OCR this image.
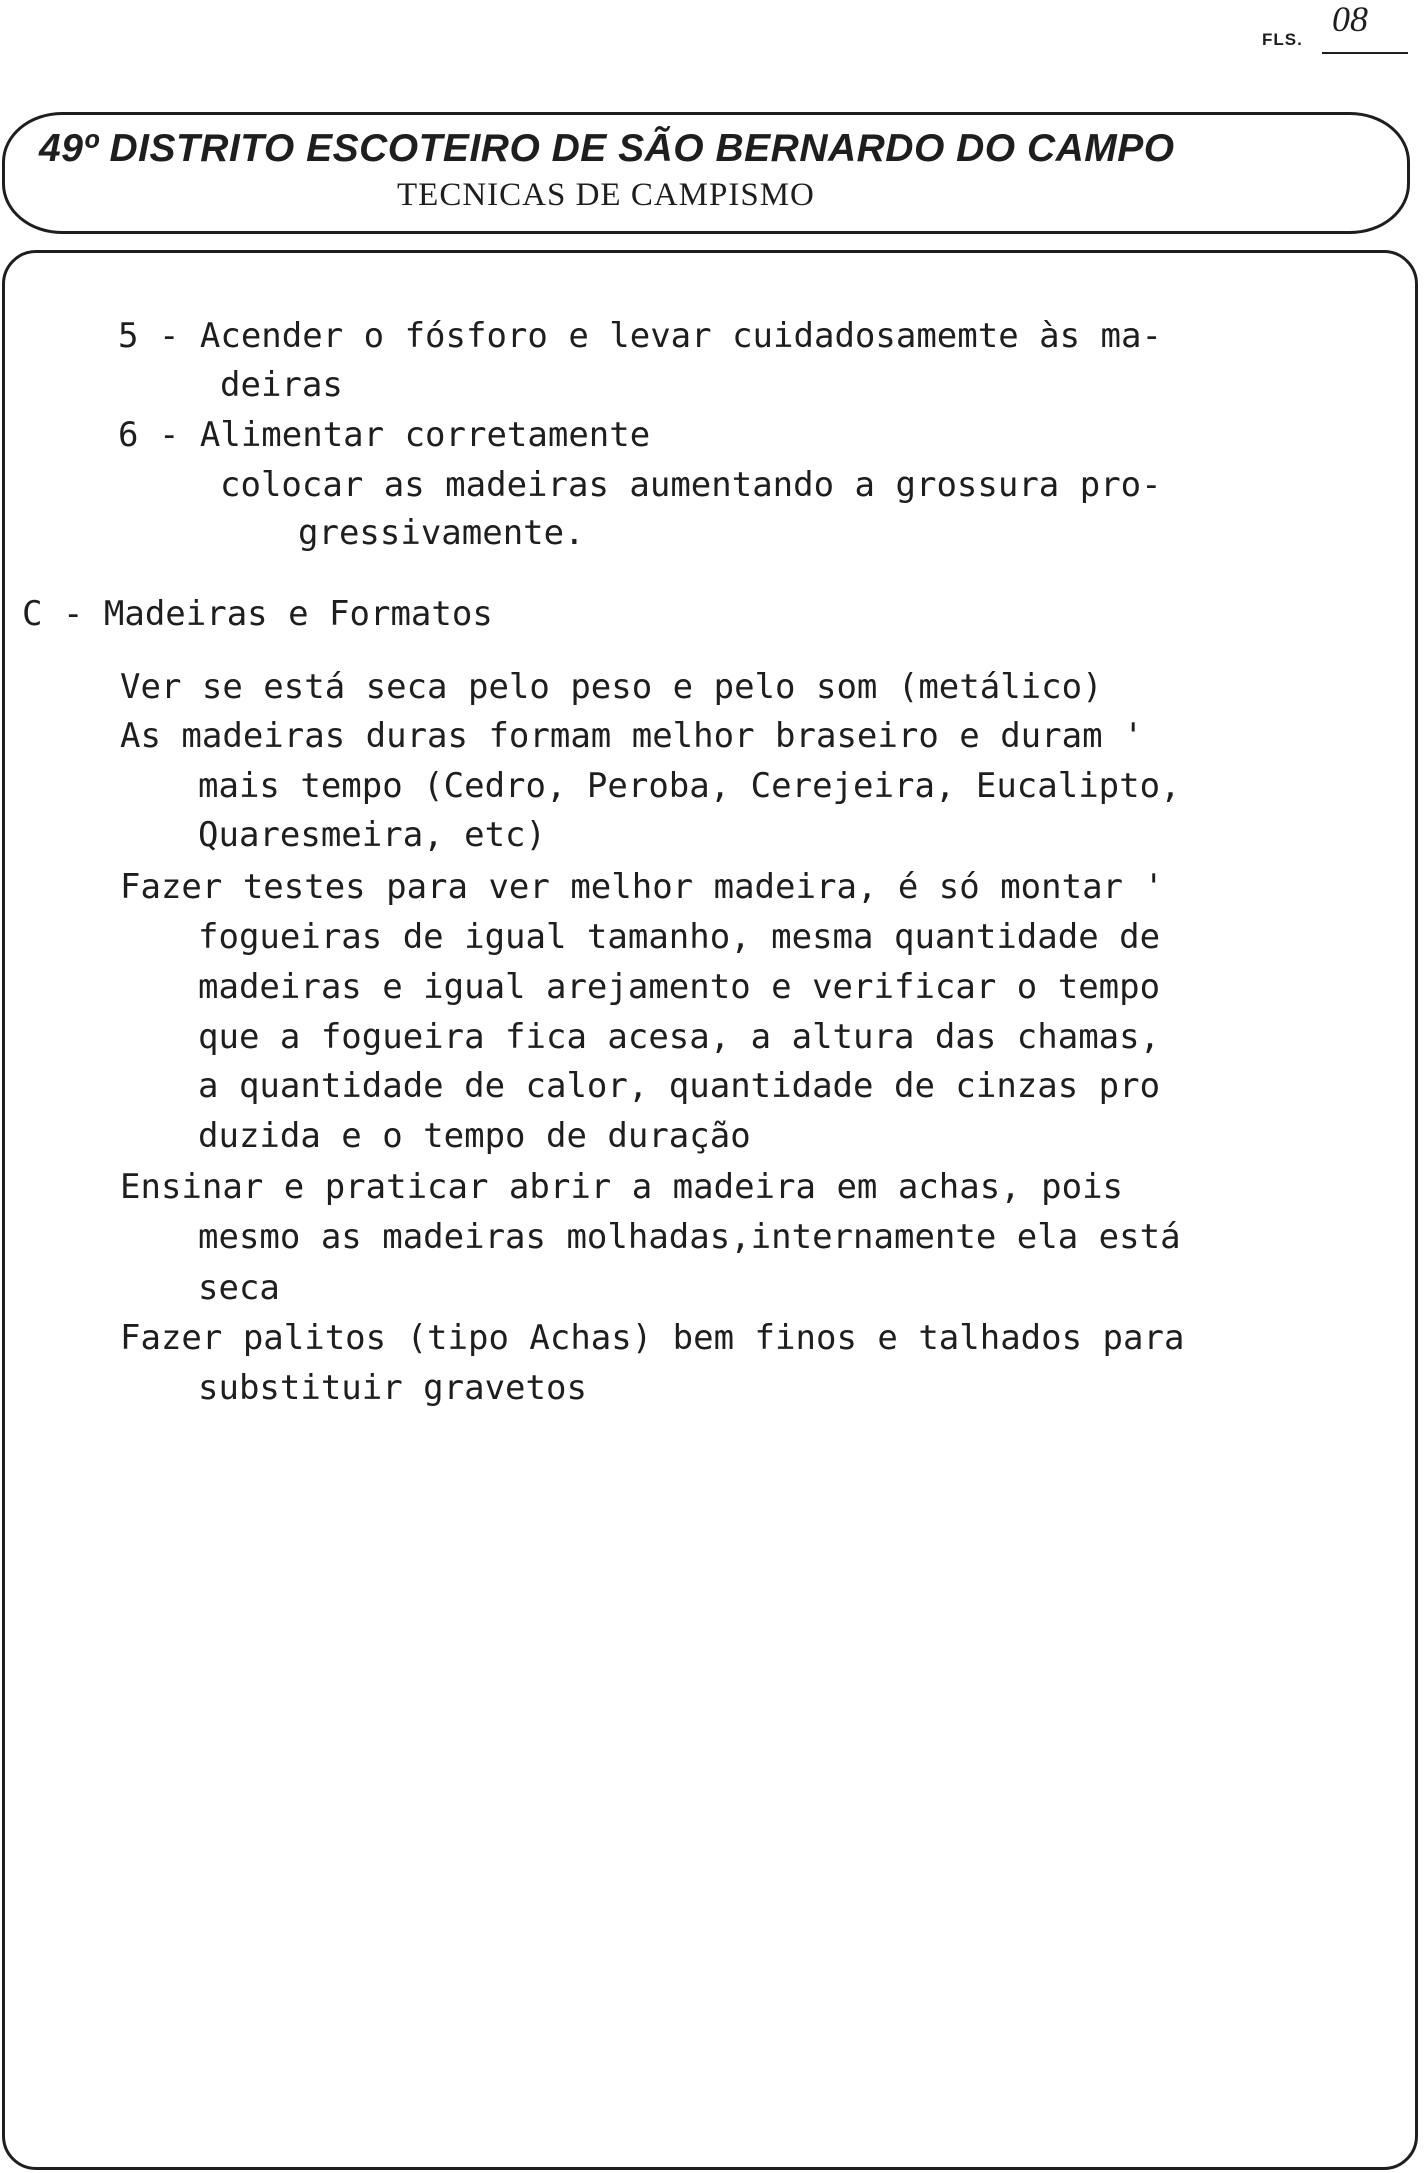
FLS.
08
49º DISTRITO ESCOTEIRO DE SÃO BERNARDO DO CAMPO
TECNICAS DE CAMPISMO
5 - Acender o fósforo e levar cuidadosamemte às ma-
deiras
6 - Alimentar corretamente
colocar as madeiras aumentando a grossura pro-
gressivamente.
C - Madeiras e Formatos
Ver se está seca pelo peso e pelo som (metálico)
As madeiras duras formam melhor braseiro e duram '
mais tempo (Cedro, Peroba, Cerejeira, Eucalipto,
Quaresmeira, etc)
Fazer testes para ver melhor madeira, é só montar '
fogueiras de igual tamanho, mesma quantidade de
madeiras e igual arejamento e verificar o tempo
que a fogueira fica acesa, a altura das chamas,
a quantidade de calor, quantidade de cinzas pro
duzida e o tempo de duração
Ensinar e praticar abrir a madeira em achas, pois
mesmo as madeiras molhadas,internamente ela está
seca
Fazer palitos (tipo Achas) bem finos e talhados para
substituir gravetos
